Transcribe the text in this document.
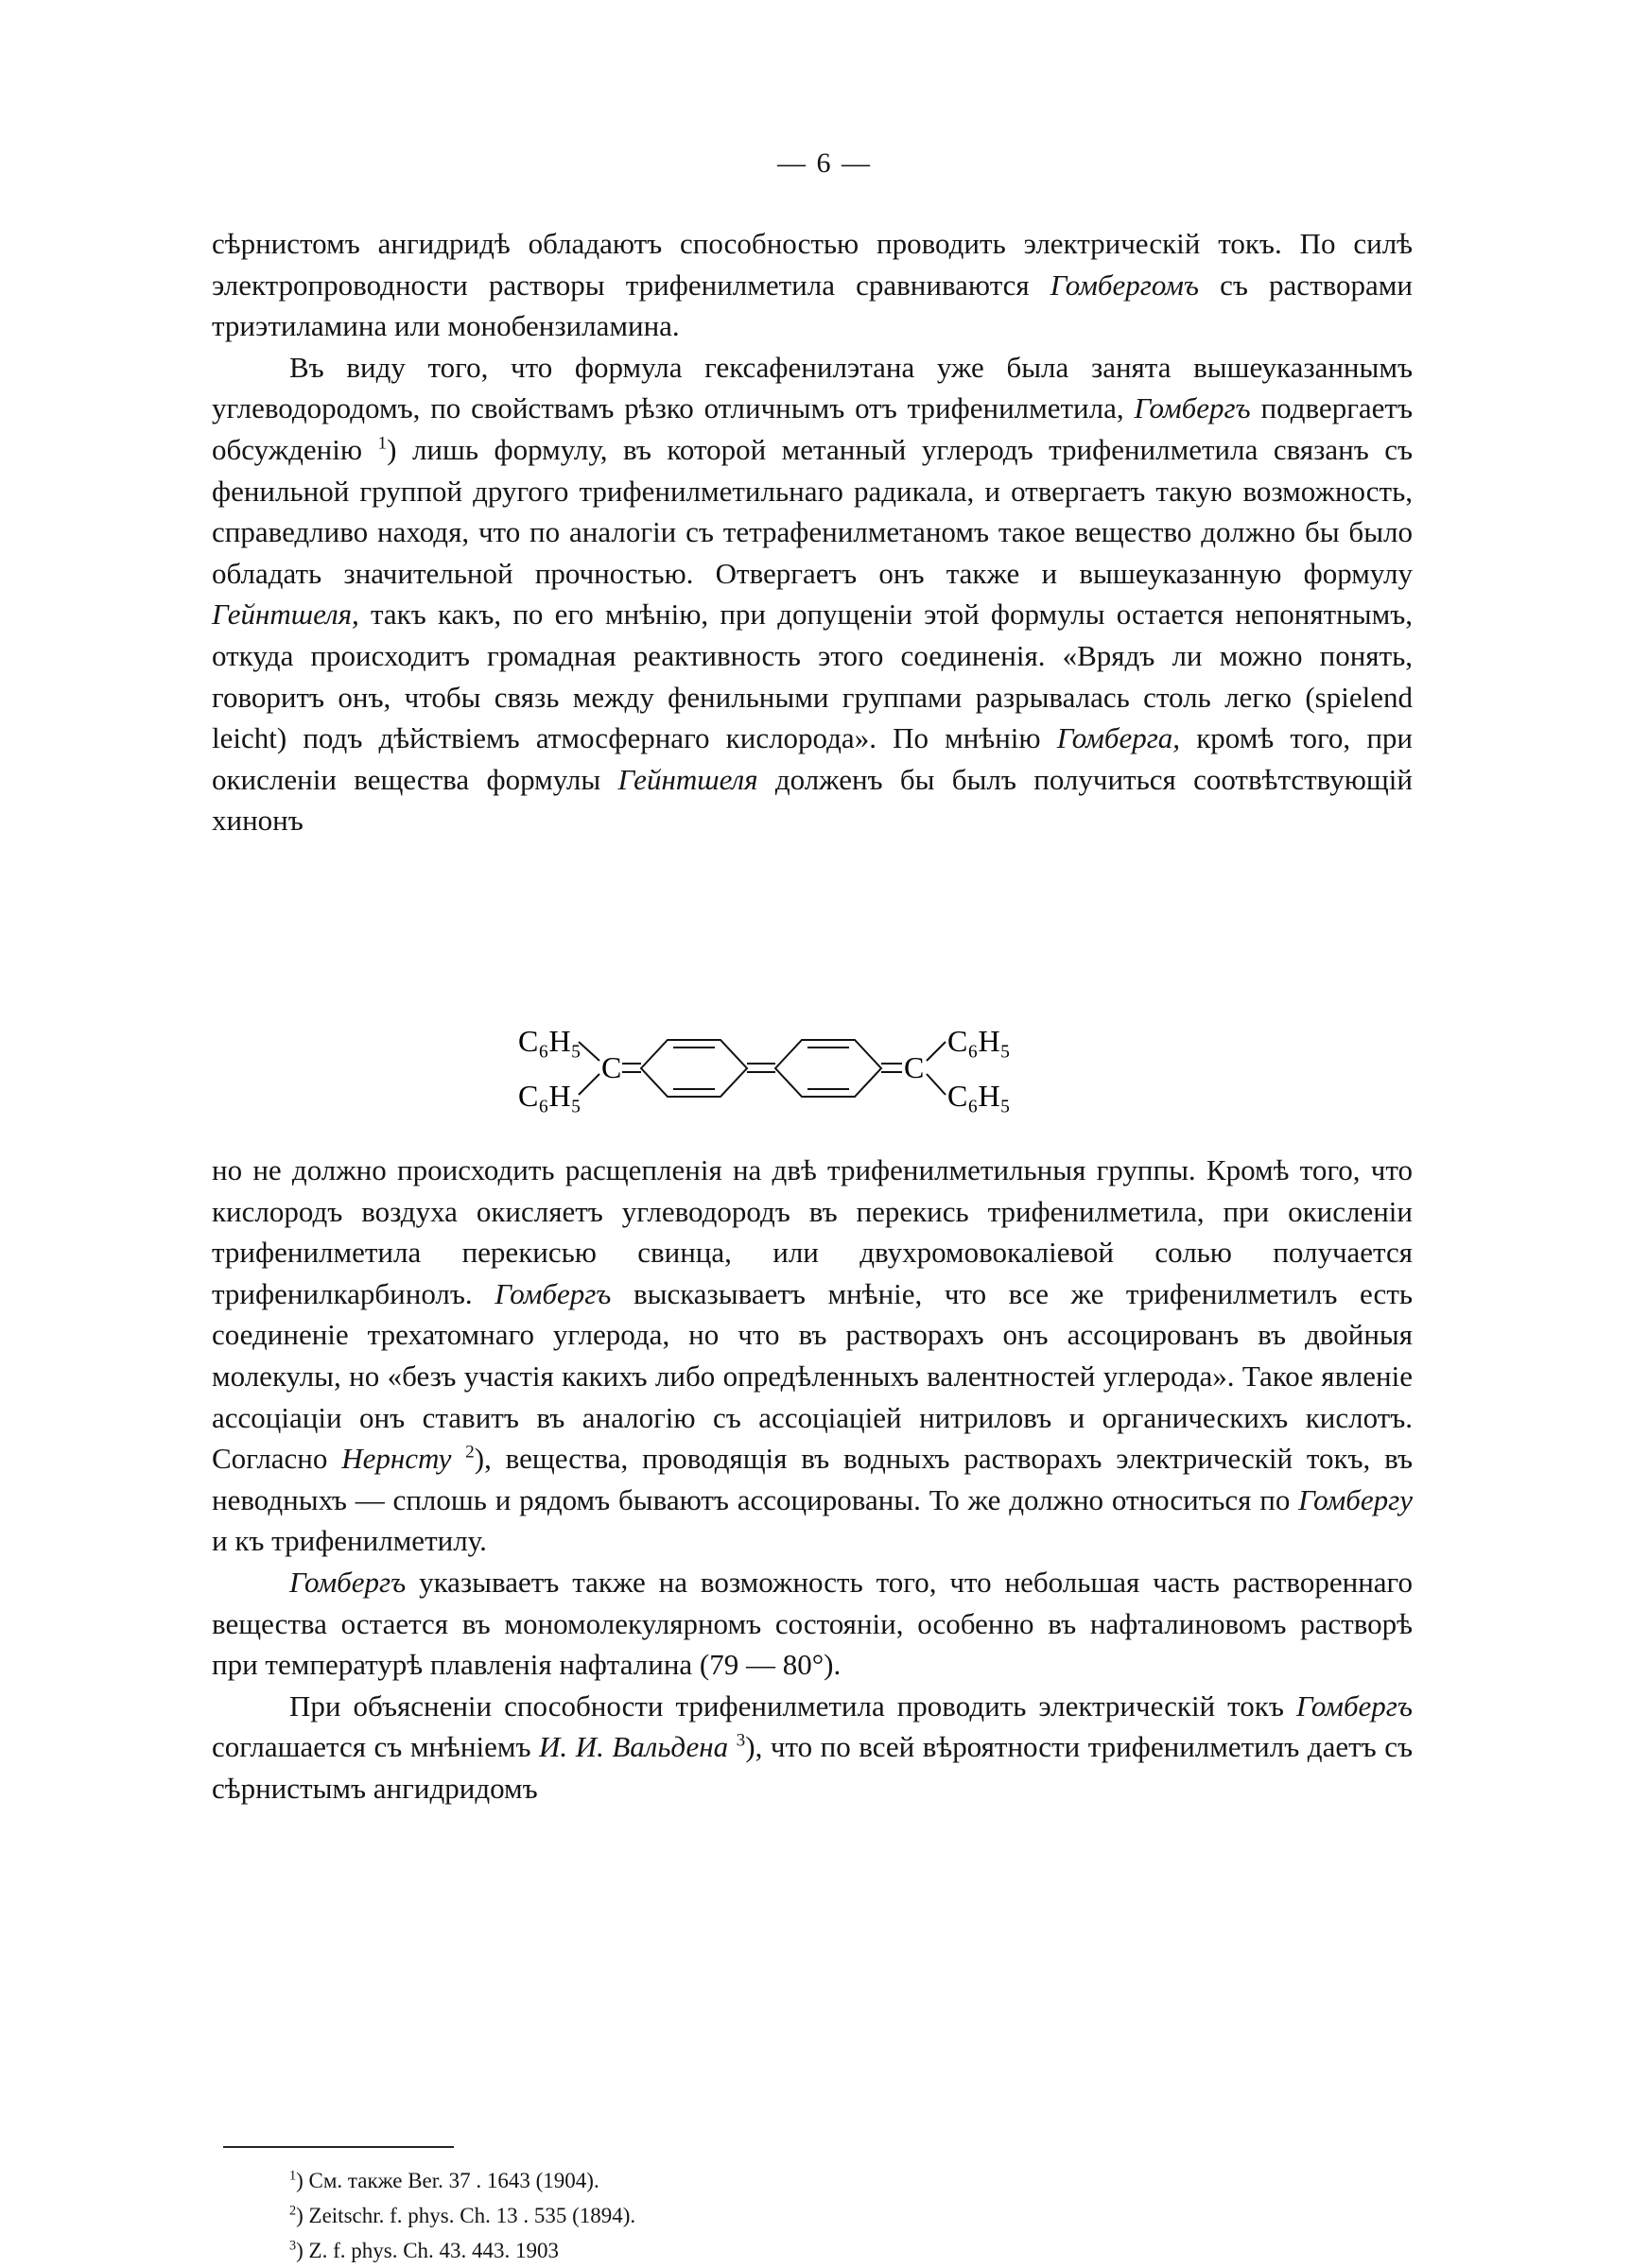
— 6 —

сѣрнистомъ ангидридѣ обладаютъ способностью проводить электрическій токъ. По силѣ электропроводности растворы трифенилметила сравниваются Гомбергомъ съ растворами триэтиламина или монобензиламина.

Въ виду того, что формула гексафенилэтана уже была занята вышеуказаннымъ углеводородомъ, по свойствамъ рѣзко отличнымъ отъ трифенилметила, Гомбергъ подвергаетъ обсужденію $^1$) лишь формулу, въ которой метанный углеродъ трифенилметила связанъ съ фенильной группой другого трифенилметильнаго радикала, и отвергаетъ такую возможность, справедливо находя, что по аналогіи съ тетрафенилметаномъ такое вещество должно бы было обладать значительной прочностью. Отвергаетъ онъ также и вышеуказанную формулу Гейнтшеля, такъ какъ, по его мнѣнію, при допущеніи этой формулы остается непонятнымъ, откуда происходитъ громадная реактивность этого соединенія. «Врядъ ли можно понять, говоритъ онъ, чтобы связь между фенильными группами разрывалась столь легко (spielend leicht) подъ дѣйствіемъ атмосфернаго кислорода». По мнѣнію Гомберга, кромѣ того, при окисленіи вещества формулы Гейнтшеля долженъ бы былъ получиться соотвѣтствующій хинонъ

C₆H₅
C₆H₅
C	C
C₆H₅
C₆H₅

но не должно происходить расщепленія на двѣ трифенилметильныя группы. Кромѣ того, что кислородъ воздуха окисляетъ углеводородъ въ перекись трифенилметила, при окисленіи трифенилметила перекисью свинца, или двухромовокаліевой солью получается трифенилкарбинолъ. Гомбергъ высказываетъ мнѣніе, что все же трифенилметилъ есть соединеніе трехатомнаго углерода, но что въ растворахъ онъ ассоцированъ въ двойныя молекулы, но «безъ участія какихъ либо опредѣленныхъ валентностей углерода». Такое явленіе ассоціаціи онъ ставитъ въ аналогію съ ассоціацiей нитриловъ и органическихъ кислотъ. Согласно Нернсту $^2$), вещества, проводящія въ водныхъ растворахъ электрическій токъ, въ неводныхъ — сплошь и рядомъ бываютъ ассоцированы. То же должно относиться по Гомбергу и къ трифенилметилу.

Гомбергъ указываетъ также на возможность того, что небольшая часть растворeннаго вещества остается въ мономолекулярномъ состояніи, особенно въ нафталиновомъ растворѣ при температурѣ плавленія нафталина (79 — 80°).

При объясненіи способности трифенилметила проводить электрическій токъ Гомбергъ соглашается съ мнѣніемъ И. И. Вальдена $^3$), что по всей вѣроятности трифенилметилъ даетъ съ сѣрнистымъ ангидридомъ

$^1$) См. также Ber. 37 . 1643 (1904).

$^2$) Zeitschr. f. phys. Ch. 13 . 535 (1894).

$^3$) Z. f. phys. Ch. 43. 443. 1903
